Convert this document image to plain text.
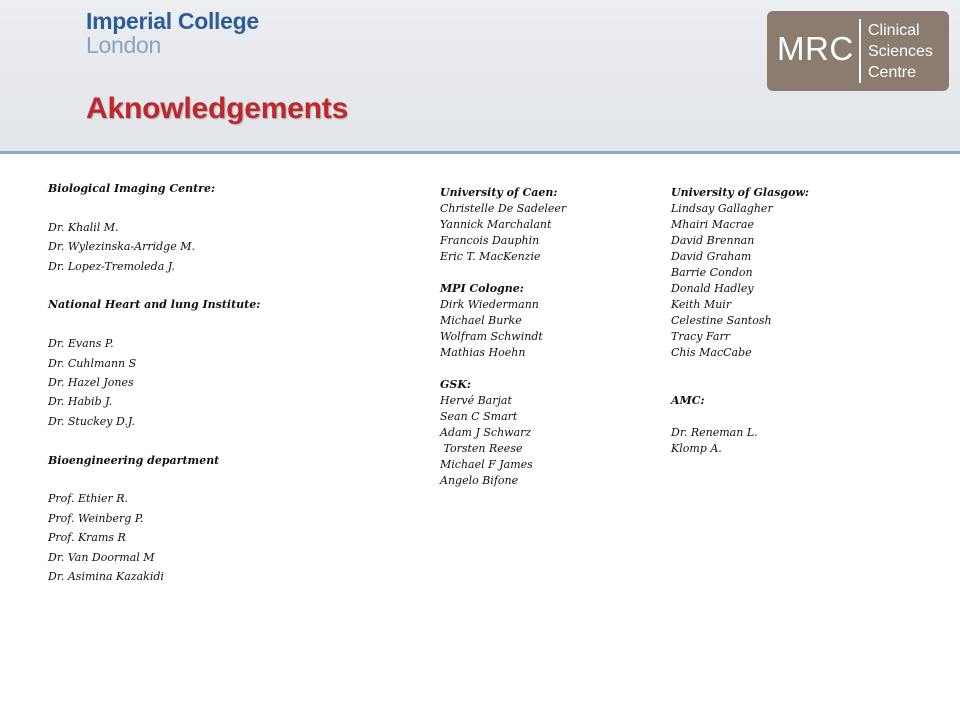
Imperial College
London	MRC Clinical
Sciences
Centre
Aknowledgements
Biological Imaging Centre:
Dr. Khalil M.
Dr. Wylezinska-Arridge M.
Dr. Lopez-Tremoleda J.
National Heart and lung Institute:
Dr. Evans P.
Dr. Cuhlmann S
Dr. Hazel Jones
Dr. Habib J.
Dr. Stuckey D.J.
Bioengineering department
Prof. Ethier R.
Prof. Weinberg P.
Prof. Krams R
Dr. Van Doormal M
Dr. Asimina Kazakidi
University of Caen:
Christelle De Sadeleer
Yannick Marchalant
Francois Dauphin
Eric T. MacKenzie
MPI Cologne:
Dirk Wiedermann
Michael Burke
Wolfram Schwindt
Mathias Hoehn
GSK:
Hervé Barjat
Sean C Smart
Adam J Schwarz
Torsten Reese
Michael F James
Angelo Bifone
University of Glasgow:
Lindsay Gallagher
Mhairi Macrae
David Brennan
David Graham
Barrie Condon
Donald Hadley
Keith Muir
Celestine Santosh
Tracy Farr
Chis MacCabe
AMC:
Dr. Reneman L.
Klomp A.
